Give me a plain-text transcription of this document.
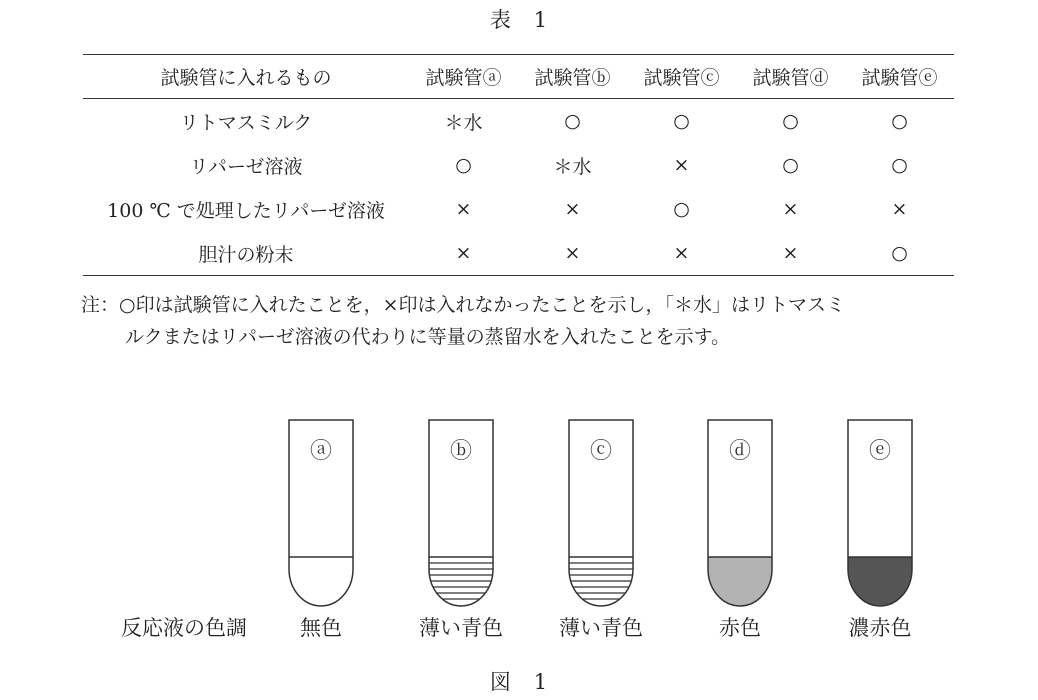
表　1
試験管に入れるもの	試験管ⓐ	試験管ⓑ	試験管ⓒ	試験管ⓓ	試験管ⓔ
リトマスミルク	＊水	○	○	○	○
リパーゼ溶液	○	＊水	×	○	○
100 ℃ で処理したリパーゼ溶液	×	×	○	×	×
胆汁の粉末	×	×	×	×	○
注：○印は試験管に入れたことを，×印は入れなかったことを示し，「＊水」はリトマスミ
ルクまたはリパーゼ溶液の代わりに等量の蒸留水を入れたことを示す。
ⓐ	ⓑ	ⓒ	ⓓ	ⓔ
反応液の色調	無色	薄い青色	薄い青色	赤色	濃赤色
図　1
